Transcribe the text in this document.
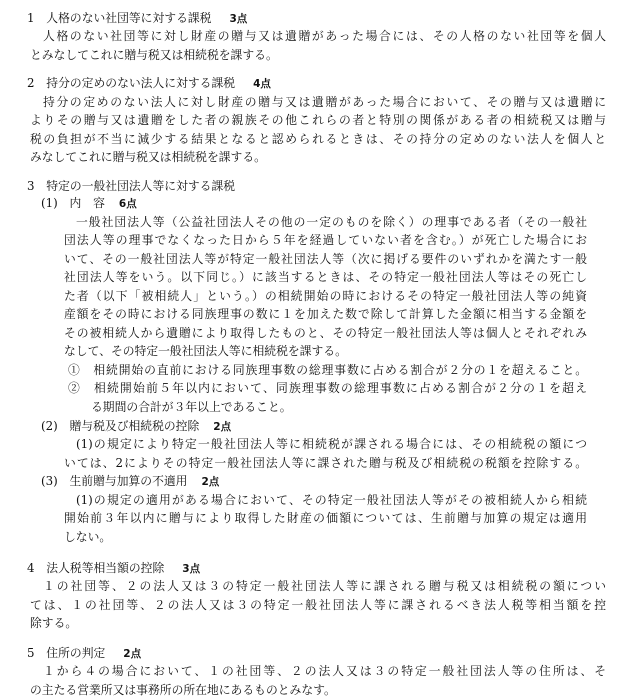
1　人格のない社団等に対する課税 3点
人格のない社団等に対し財産の贈与又は遺贈があった場合には、その人格のない社団等を個人
とみなしてこれに贈与税又は相続税を課する。
2　持分の定めのない法人に対する課税 4点
持分の定めのない法人に対し財産の贈与又は遺贈があった場合において、その贈与又は遺贈に
よりその贈与又は遺贈をした者の親族その他これらの者と特別の関係がある者の相続税又は贈与
税の負担が不当に減少する結果となると認められるときは、その持分の定めのない法人を個人と
みなしてこれに贈与税又は相続税を課する。
3　特定の一般社団法人等に対する課税
(1)　内　容 6点
一般社団法人等（公益社団法人その他の一定のものを除く）の理事である者（その一般社
団法人等の理事でなくなった日から５年を経過していない者を含む。）が死亡した場合にお
いて、その一般社団法人等が特定一般社団法人等（次に掲げる要件のいずれかを満たす一般
社団法人等をいう。以下同じ。）に該当するときは、その特定一般社団法人等はその死亡し
た者（以下「被相続人」という。）の相続開始の時におけるその特定一般社団法人等の純資
産額をその時における同族理事の数に１を加えた数で除して計算した金額に相当する金額を
その被相続人から遺贈により取得したものと、その特定一般社団法人等は個人とそれぞれみ
なして、その特定一般社団法人等に相続税を課する。
①　相続開始の直前における同族理事数の総理事数に占める割合が２分の１を超えること。
②　相続開始前５年以内において、同族理事数の総理事数に占める割合が２分の１を超え
る期間の合計が３年以上であること。
(2)　贈与税及び相続税の控除 2点
(1)の規定により特定一般社団法人等に相続税が課される場合には、その相続税の額につ
いては、2によりその特定一般社団法人等に課された贈与税及び相続税の税額を控除する。
(3)　生前贈与加算の不適用 2点
(1)の規定の適用がある場合において、その特定一般社団法人等がその被相続人から相続
開始前３年以内に贈与により取得した財産の価額については、生前贈与加算の規定は適用
しない。
4　法人税等相当額の控除 3点
１の社団等、２の法人又は３の特定一般社団法人等に課される贈与税又は相続税の額につい
ては、１の社団等、２の法人又は３の特定一般社団法人等に課されるべき法人税等相当額を控
除する。
5　住所の判定 2点
１から４の場合において、１の社団等、２の法人又は３の特定一般社団法人等の住所は、そ
の主たる営業所又は事務所の所在地にあるものとみなす。
